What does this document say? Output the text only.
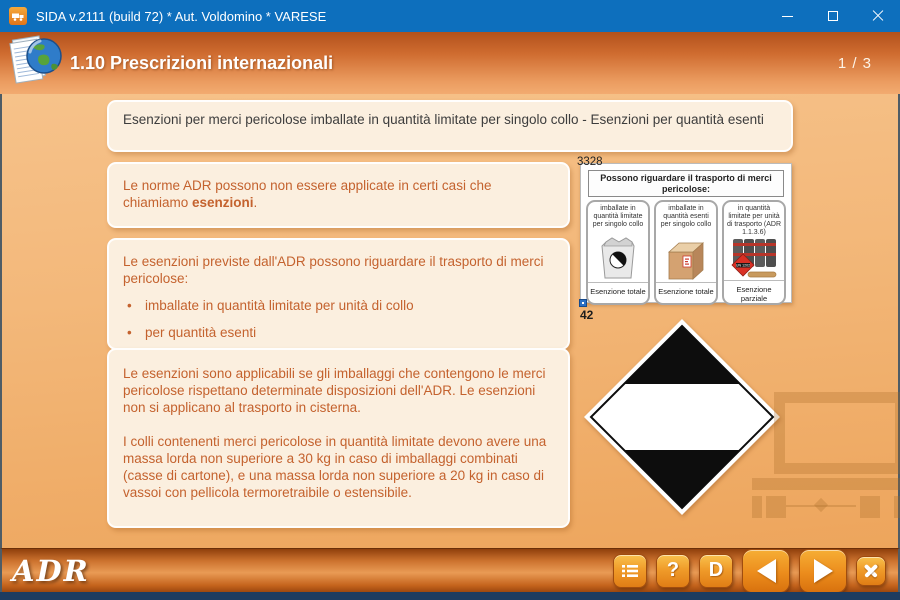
SIDA v.2111 (build 72) * Aut. Voldomino * VARESE
1.10 Prescrizioni internazionali	1 / 3
Esenzioni per merci pericolose imballate in quantità limitate per singolo collo - Esenzioni per quantità esenti
Le norme ADR possono non essere applicate in certi casi che chiamiamo esenzioni.
Le esenzioni previste dall'ADR possono riguardare il trasporto di merci pericolose:
• imballate in quantità limitate per unità di collo
• per quantità esenti
Le esenzioni sono applicabili se gli imballaggi che contengono le merci pericolose rispettano determinate disposizioni dell'ADR. Le esenzioni non si applicano al trasporto in cisterna.
I colli contenenti merci pericolose in quantità limitate devono avere una massa lorda non superiore a 30 kg in caso di imballaggi combinati (casse di cartone), e una massa lorda non superiore a 20 kg in caso di vassoi con pellicola termoretraibile o estensibile.
3328
Possono riguardare il trasporto di merci pericolose:
imballate in quantità limitate per singolo collo
Esenzione totale
imballate in quantità esenti per singolo collo
Esenzione totale
in quantità limitate per unità di trasporto (ADR 1.1.3.6)
UN 1202
Esenzione parziale
42
ADR	? D
